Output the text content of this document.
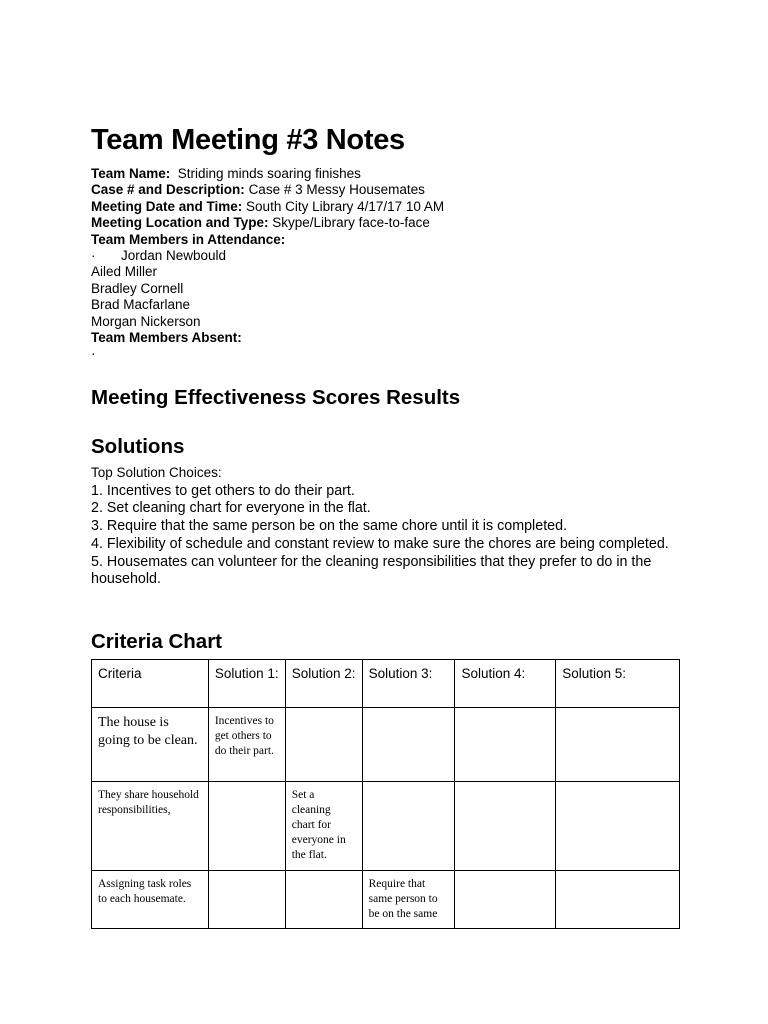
Team Meeting #3 Notes
Team Name: Striding minds soaring finishes
Case # and Description: Case # 3 Messy Housemates
Meeting Date and Time: South City Library 4/17/17 10 AM
Meeting Location and Type: Skype/Library face-to-face
Team Members in Attendance:
· Jordan Newbould
Ailed Miller
Bradley Cornell
Brad Macfarlane
Morgan Nickerson
Team Members Absent:
·
Meeting Effectiveness Scores Results
Solutions
Top Solution Choices:
1. Incentives to get others to do their part.
2. Set cleaning chart for everyone in the flat.
3. Require that the same person be on the same chore until it is completed.
4. Flexibility of schedule and constant review to make sure the chores are being completed.
5. Housemates can volunteer for the cleaning responsibilities that they prefer to do in the household.
Criteria Chart
Criteria	Solution 1:	Solution 2:	Solution 3:	Solution 4:	Solution 5:
The house is going to be clean.	Incentives to get others to do their part.				
They share household responsibilities,		Set a cleaning chart for everyone in the flat.			
Assigning task roles to each housemate.			Require that same person to be on the same		
